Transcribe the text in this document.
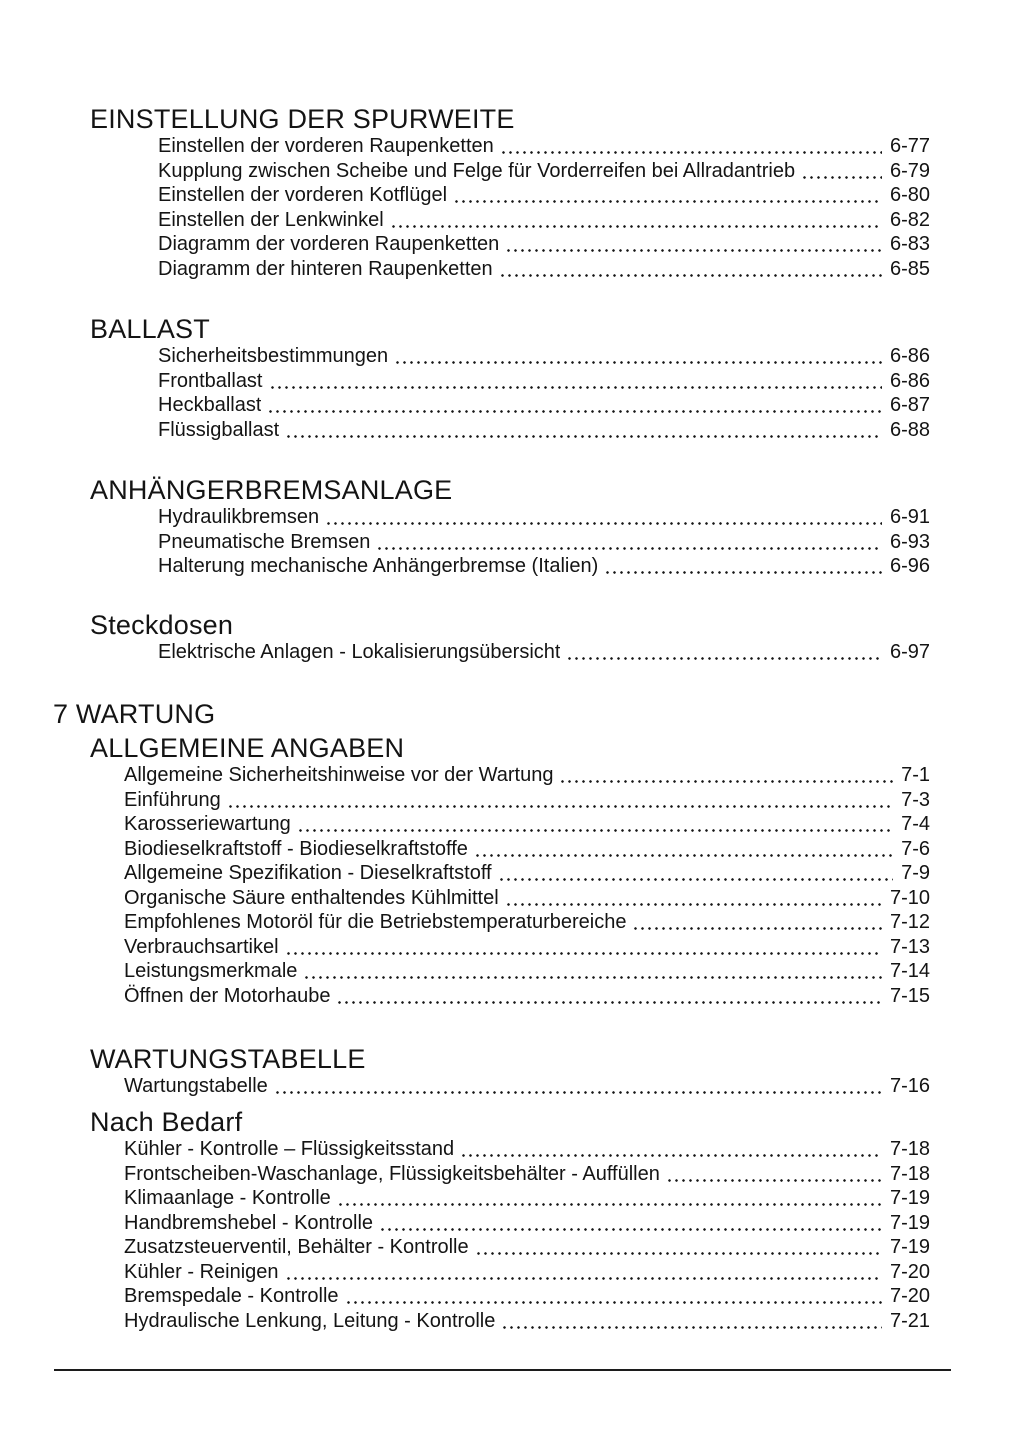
EINSTELLUNG DER SPURWEITE
Einstellen der vorderen Raupenketten	6-77
Kupplung zwischen Scheibe und Felge für Vorderreifen bei Allradantrieb	6-79
Einstellen der vorderen Kotflügel	6-80
Einstellen der Lenkwinkel	6-82
Diagramm der vorderen Raupenketten	6-83
Diagramm der hinteren Raupenketten	6-85
BALLAST
Sicherheitsbestimmungen	6-86
Frontballast	6-86
Heckballast	6-87
Flüssigballast	6-88
ANHÄNGERBREMSANLAGE
Hydraulikbremsen	6-91
Pneumatische Bremsen	6-93
Halterung mechanische Anhängerbremse (Italien)	6-96
Steckdosen
Elektrische Anlagen - Lokalisierungsübersicht	6-97
7 WARTUNG
ALLGEMEINE ANGABEN
Allgemeine Sicherheitshinweise vor der Wartung	7-1
Einführung	7-3
Karosseriewartung	7-4
Biodieselkraftstoff - Biodieselkraftstoffe	7-6
Allgemeine Spezifikation - Dieselkraftstoff	7-9
Organische Säure enthaltendes Kühlmittel	7-10
Empfohlenes Motoröl für die Betriebstemperaturbereiche	7-12
Verbrauchsartikel	7-13
Leistungsmerkmale	7-14
Öffnen der Motorhaube	7-15
WARTUNGSTABELLE
Wartungstabelle	7-16
Nach Bedarf
Kühler - Kontrolle – Flüssigkeitsstand	7-18
Frontscheiben-Waschanlage, Flüssigkeitsbehälter - Auffüllen	7-18
Klimaanlage - Kontrolle	7-19
Handbremshebel - Kontrolle	7-19
Zusatzsteuerventil, Behälter - Kontrolle	7-19
Kühler - Reinigen	7-20
Bremspedale - Kontrolle	7-20
Hydraulische Lenkung, Leitung - Kontrolle	7-21
